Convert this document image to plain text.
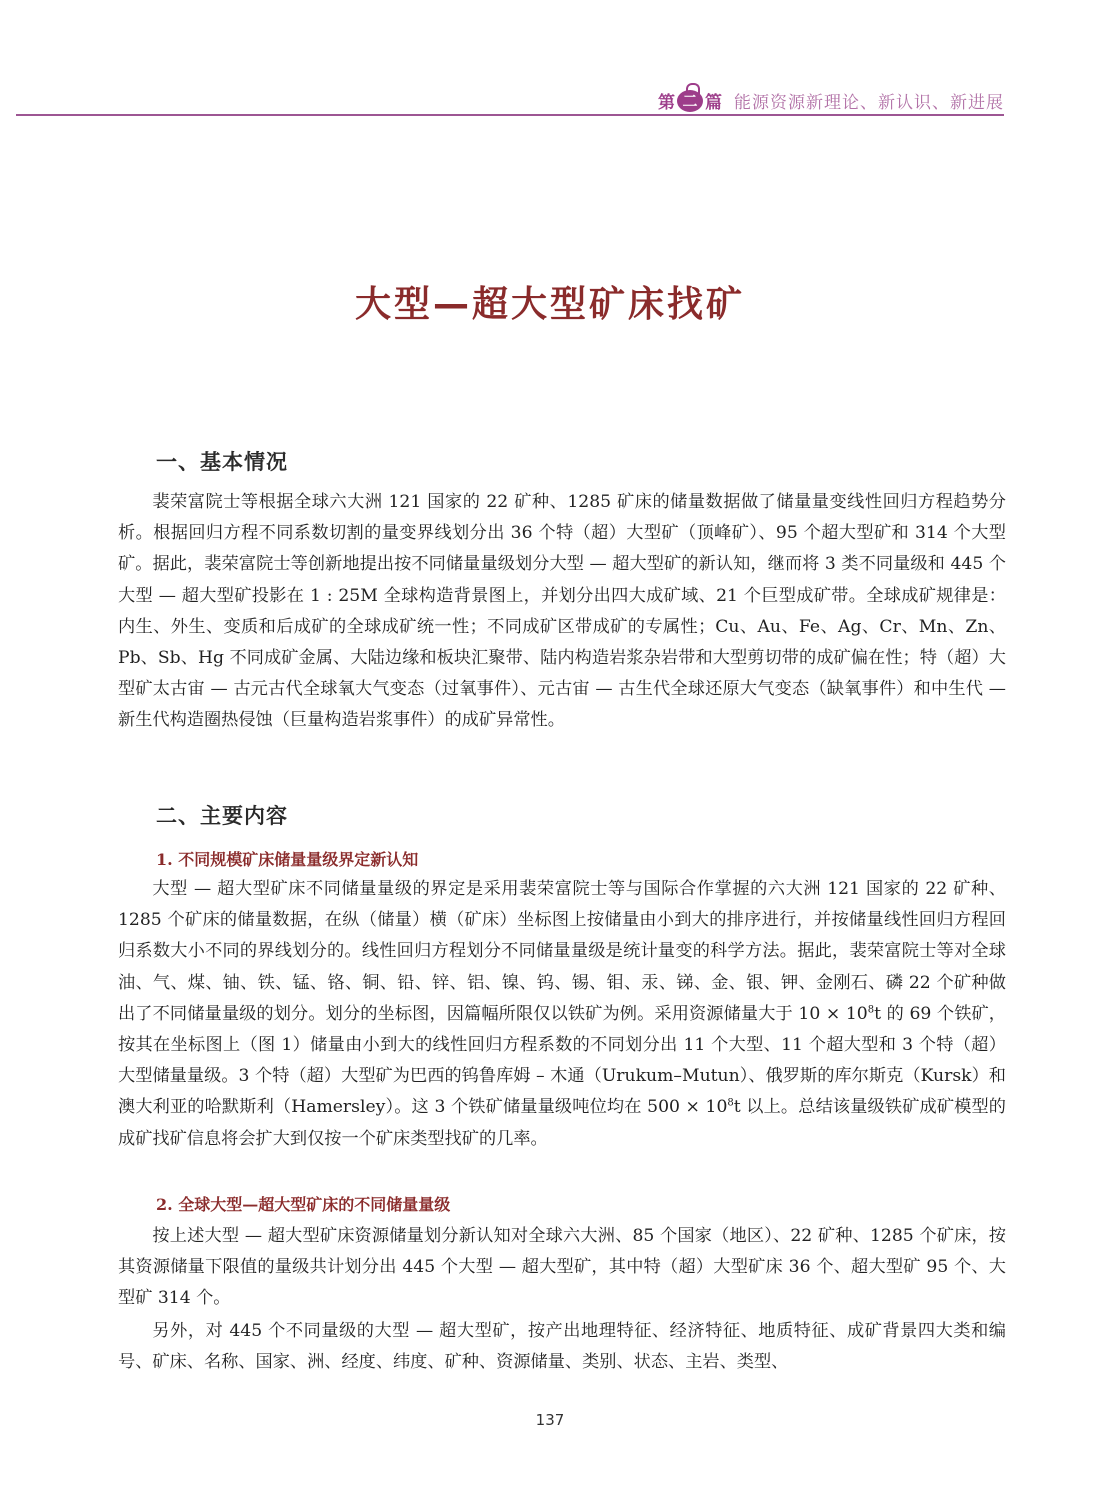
第 二 篇 能源资源新理论、新认识、新进展
大型—超大型矿床找矿
一、基本情况

裴荣富院士等根据全球六大洲 121 国家的 22 矿种、1285 矿床的储量数据做了储量量变线性回归方程趋势分析。根据回归方程不同系数切割的量变界线划分出 36 个特（超）大型矿（顶峰矿）、95 个超大型矿和 314 个大型矿。据此，裴荣富院士等创新地提出按不同储量量级划分大型 — 超大型矿的新认知，继而将 3 类不同量级和 445 个大型 — 超大型矿投影在 1 : 25M 全球构造背景图上，并划分出四大成矿域、21 个巨型成矿带。全球成矿规律是：内生、外生、变质和后成矿的全球成矿统一性；不同成矿区带成矿的专属性；Cu、Au、Fe、Ag、Cr、Mn、Zn、Pb、Sb、Hg 不同成矿金属、大陆边缘和板块汇聚带、陆内构造岩浆杂岩带和大型剪切带的成矿偏在性；特（超）大型矿太古宙 — 古元古代全球氧大气变态（过氧事件）、元古宙 — 古生代全球还原大气变态（缺氧事件）和中生代 — 新生代构造圈热侵蚀（巨量构造岩浆事件）的成矿异常性。

二、主要内容
1. 不同规模矿床储量量级界定新认知

大型 — 超大型矿床不同储量量级的界定是采用裴荣富院士等与国际合作掌握的六大洲 121 国家的 22 矿种、1285 个矿床的储量数据，在纵（储量）横（矿床）坐标图上按储量由小到大的排序进行，并按储量线性回归方程回归系数大小不同的界线划分的。线性回归方程划分不同储量量级是统计量变的科学方法。据此，裴荣富院士等对全球油、气、煤、铀、铁、锰、铬、铜、铅、锌、铝、镍、钨、锡、钼、汞、锑、金、银、钾、金刚石、磷 22 个矿种做出了不同储量量级的划分。划分的坐标图，因篇幅所限仅以铁矿为例。采用资源储量大于 $10 \times 10^8t$ 的 69 个铁矿，按其在坐标图上（图 1）储量由小到大的线性回归方程系数的不同划分出 11 个大型、11 个超大型和 3 个特（超）大型储量量级。3 个特（超）大型矿为巴西的钨鲁库姆 – 木通（Urukum–Mutun）、俄罗斯的库尔斯克（Kursk）和澳大利亚的哈默斯利（Hamersley）。这 3 个铁矿储量量级吨位均在 $500 \times 10^8t$ 以上。总结该量级铁矿成矿模型的成矿找矿信息将会扩大到仅按一个矿床类型找矿的几率。

2. 全球大型—超大型矿床的不同储量量级

按上述大型 — 超大型矿床资源储量划分新认知对全球六大洲、85 个国家（地区）、22 矿种、1285 个矿床，按其资源储量下限值的量级共计划分出 445 个大型 — 超大型矿，其中特（超）大型矿床 36 个、超大型矿 95 个、大型矿 314 个。

另外，对 445 个不同量级的大型 — 超大型矿，按产出地理特征、经济特征、地质特征、成矿背景四大类和编号、矿床、名称、国家、洲、经度、纬度、矿种、资源储量、类别、状态、主岩、类型、

137
